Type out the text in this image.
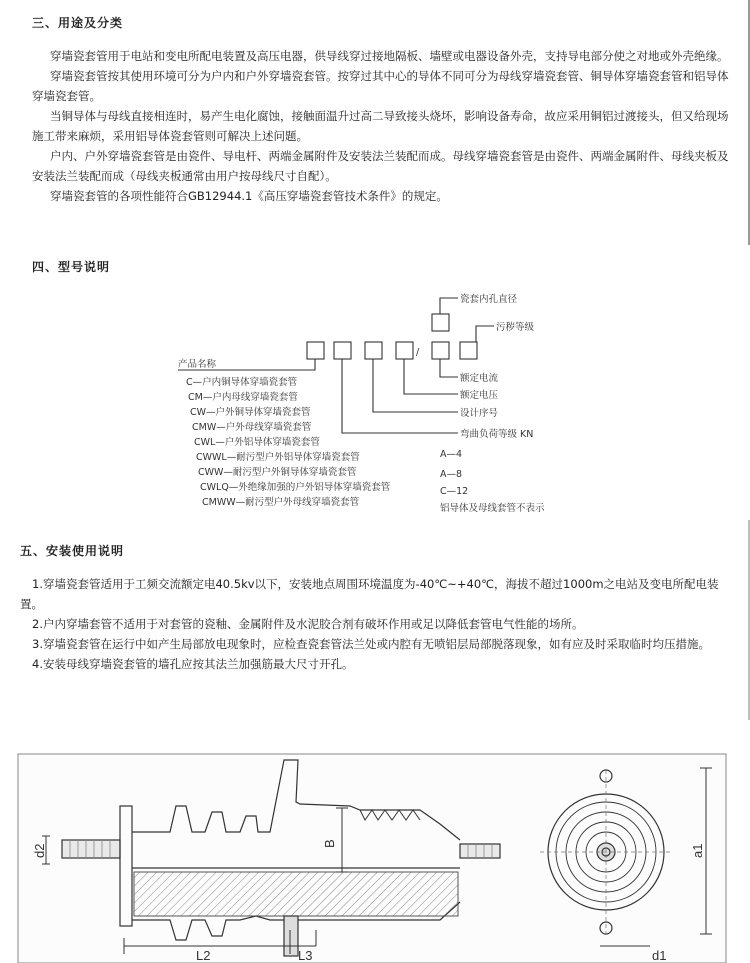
三、用途及分类
穿墙瓷套管用于电站和变电所配电装置及高压电器，供导线穿过接地隔板、墙壁或电器设备外壳，支持导电部分使之对地或外壳绝缘。
穿墙瓷套管按其使用环境可分为户内和户外穿墙瓷套管。按穿过其中心的导体不同可分为母线穿墙瓷套管、铜导体穿墙瓷套管和铝导体穿墙瓷套管。
当铜导体与母线直接相连时，易产生电化腐蚀，接触面温升过高二导致接头烧坏，影响设备寿命，故应采用铜铝过渡接头，但又给现场施工带来麻烦，采用铝导体瓷套管则可解决上述问题。
户内、户外穿墙瓷套管是由瓷件、导电杆、两端金属附件及安装法兰装配而成。母线穿墙瓷套管是由瓷件、两端金属附件、母线夹板及安装法兰装配而成（母线夹板通常由用户按母线尺寸自配）。
穿墙瓷套管的各项性能符合GB12944.1《高压穿墙瓷套管技术条件》的规定。
四、型号说明
/
产品名称
C—户内铜导体穿墙瓷套管
CM—户内母线穿墙瓷套管
CW—户外铜导体穿墙瓷套管
CMW—户外母线穿墙瓷套管
CWL—户外铝导体穿墙瓷套管
CWWL—耐污型户外铝导体穿墙瓷套管
CWW—耐污型户外铜导体穿墙瓷套管
CWLQ—外绝缘加强的户外铝导体穿墙瓷套管
CMWW—耐污型户外母线穿墙瓷套管
瓷套内孔直径
污秽等级
额定电流
额定电压
设计序号
弯曲负荷等级 KN
A—4
A—8
C—12
铝导体及母线套管不表示
五、安装使用说明
1.穿墙瓷套管适用于工频交流额定电40.5kv以下，安装地点周围环境温度为-40℃~+40℃，海拔不超过1000m之电站及变电所配电装置。
2.户内穿墙套管不适用于对套管的瓷釉、金属附件及水泥胶合剂有破坏作用或足以降低套管电气性能的场所。
3.穿墙瓷套管在运行中如产生局部放电现象时，应检查瓷套管法兰处或内腔有无喷铝层局部脱落现象，如有应及时采取临时均压措施。
4.安装母线穿墙瓷套管的墙孔应按其法兰加强筋最大尺寸开孔。
d2	B
L2	L3
a1
d1
